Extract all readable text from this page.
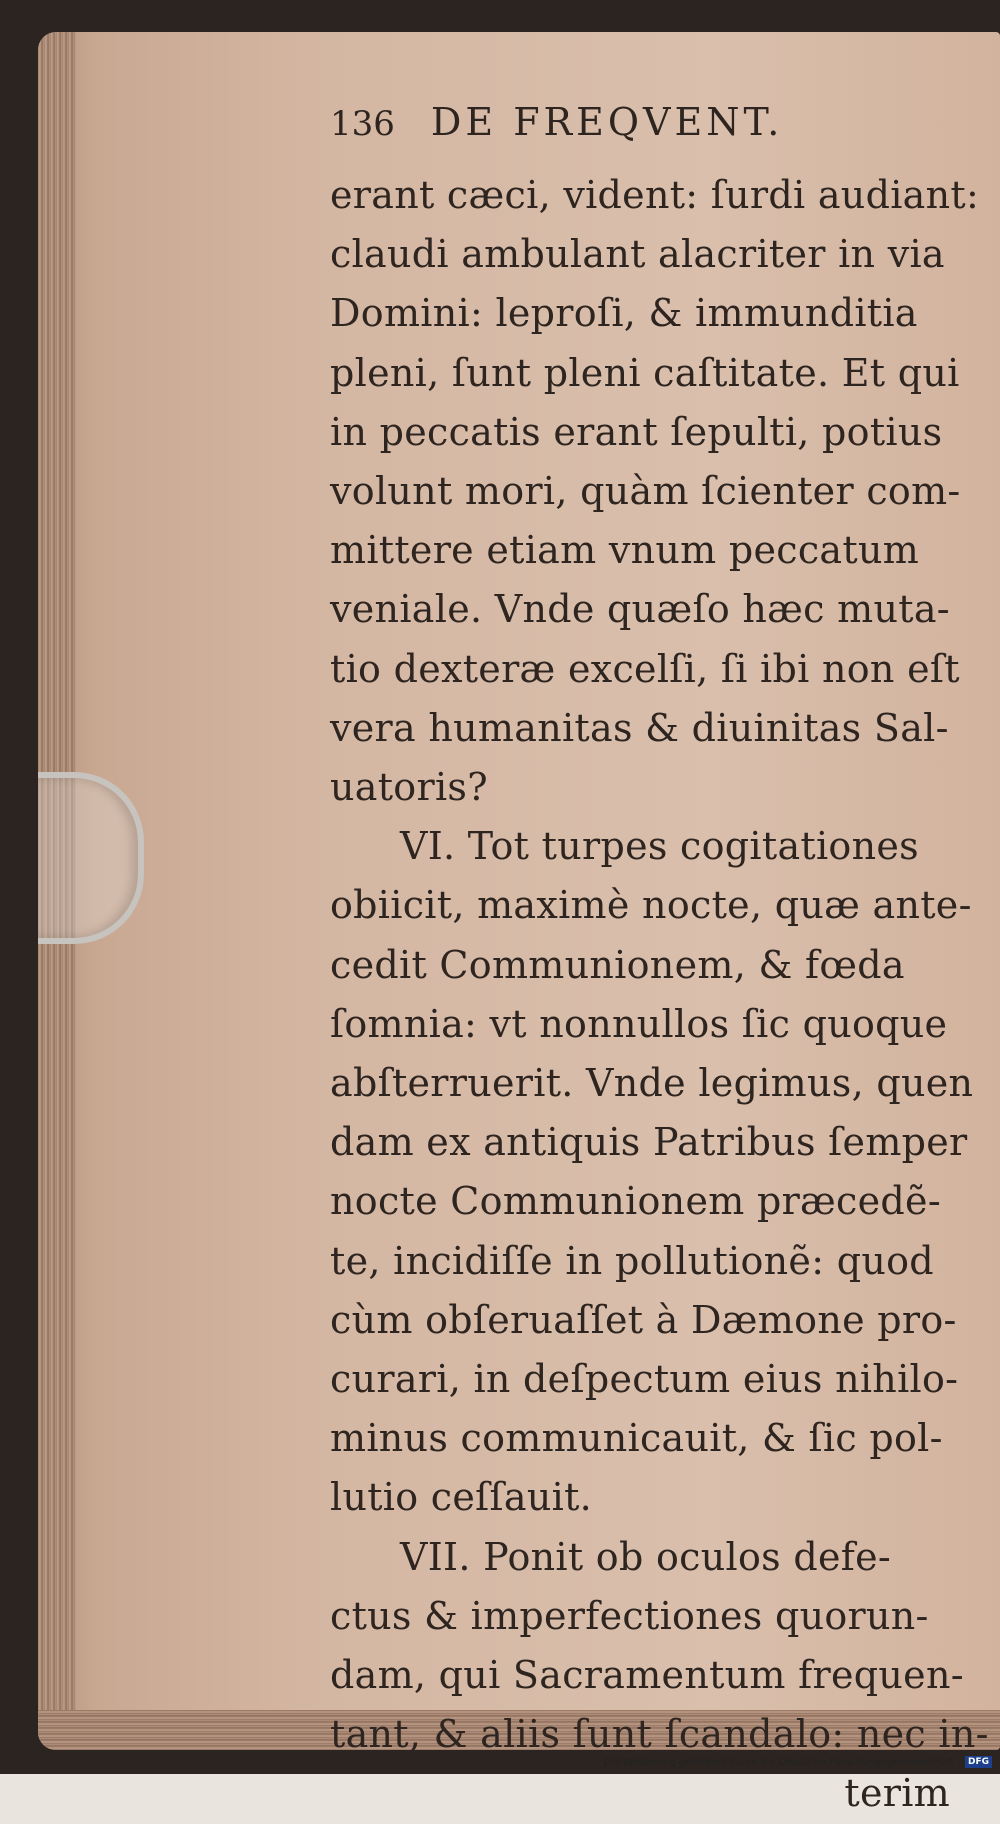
136 DE FREQVENT.
erant cæci, vident: ſurdi audiant:
claudi ambulant alacriter in via
Domini: leproſi, & immunditia
pleni, ſunt pleni caſtitate. Et qui
in peccatis erant ſepulti, potius
volunt mori, quàm ſcienter com-
mittere etiam vnum peccatum
veniale. Vnde quæſo hæc muta-
tio dexteræ excelſi, ſi ibi non eſt
vera humanitas & diuinitas Sal-
uatoris?
VI. Tot turpes cogitationes
obiicit, maximè nocte, quæ ante-
cedit Communionem, & fœda
ſomnia: vt nonnullos ſic quoque
abſterruerit. Vnde legimus, quen
dam ex antiquis Patribus ſemper
nocte Communionem præcedẽ-
te, incidiſſe in pollutionẽ: quod
cùm obſeruaſſet à Dæmone pro-
curari, in deſpectum eius nihilo-
minus communicauit, & ſic pol-
lutio ceſſauit.
VII. Ponit ob oculos defe-
ctus & imperfectiones quorun-
dam, qui Sacramentum frequen-
tant, & aliis ſunt ſcandalo: nec in-
terim
Digitalisierung gefördert durch die Deutsche Forschungsgemeinschaft - DFG
